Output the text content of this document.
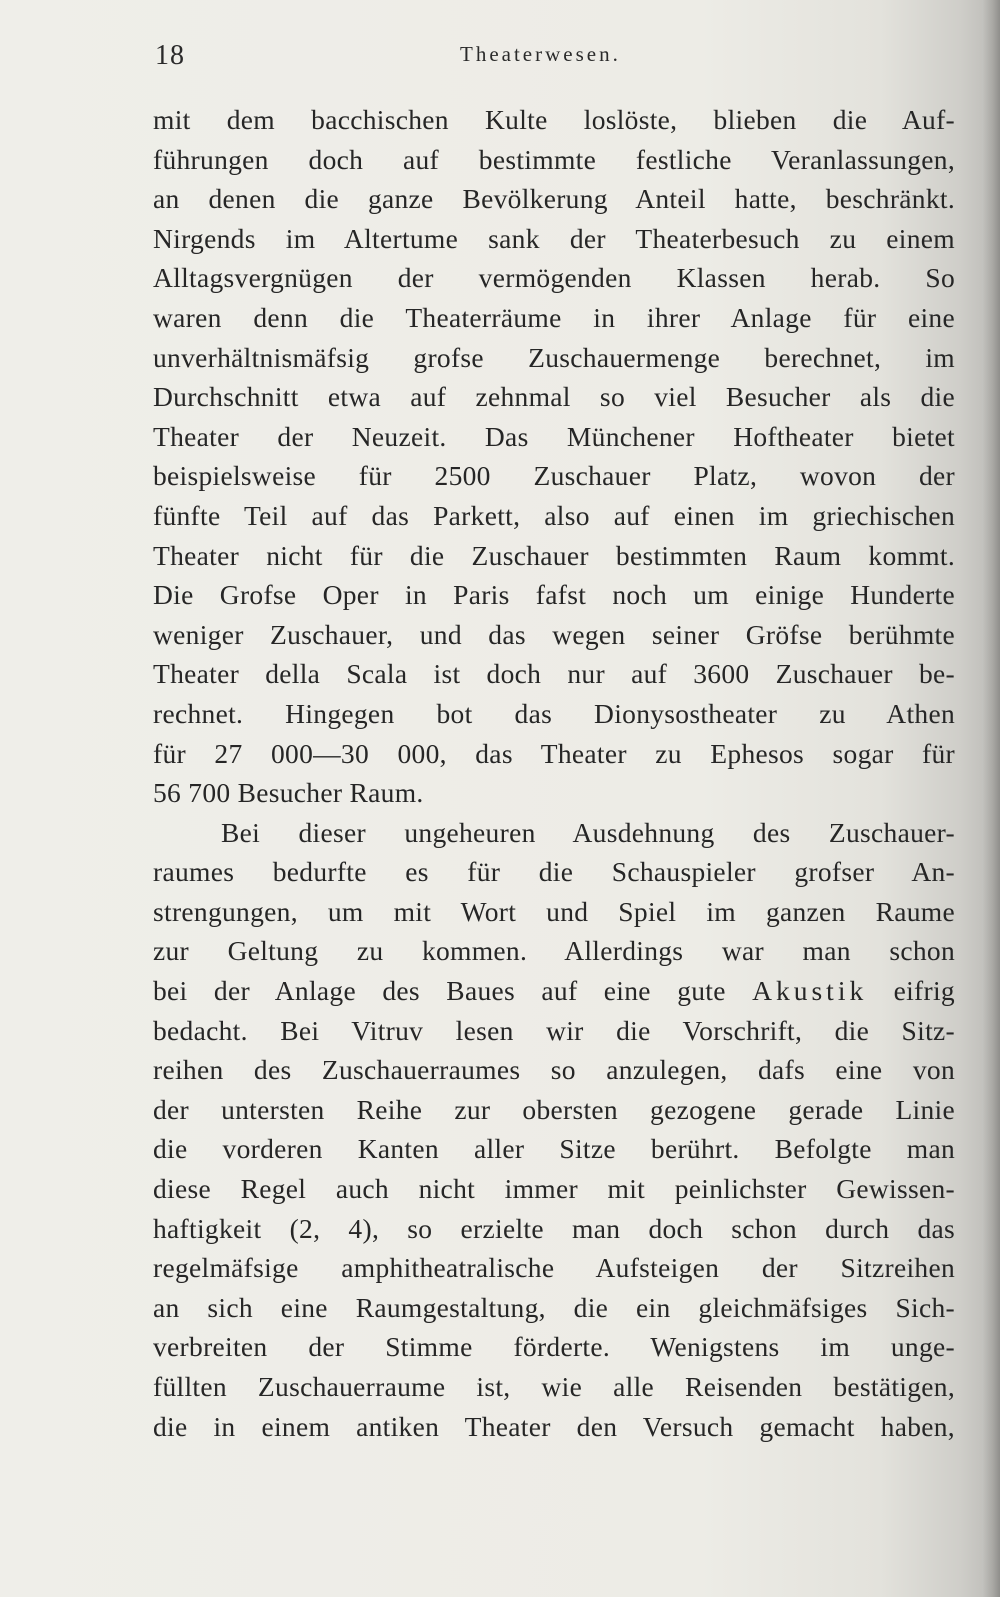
18	Theaterwesen.
mit dem bacchischen Kulte loslöste, blieben die Auf-
führungen doch auf bestimmte festliche Veranlassungen,
an denen die ganze Bevölkerung Anteil hatte, beschränkt.
Nirgends im Altertume sank der Theaterbesuch zu einem
Alltagsvergnügen der vermögenden Klassen herab. So
waren denn die Theaterräume in ihrer Anlage für eine
unverhältnismäfsig grofse Zuschauermenge berechnet, im
Durchschnitt etwa auf zehnmal so viel Besucher als die
Theater der Neuzeit. Das Münchener Hoftheater bietet
beispielsweise für 2500 Zuschauer Platz, wovon der
fünfte Teil auf das Parkett, also auf einen im griechischen
Theater nicht für die Zuschauer bestimmten Raum kommt.
Die Grofse Oper in Paris fafst noch um einige Hunderte
weniger Zuschauer, und das wegen seiner Gröfse berühmte
Theater della Scala ist doch nur auf 3600 Zuschauer be-
rechnet. Hingegen bot das Dionysostheater zu Athen
für 27 000—30 000, das Theater zu Ephesos sogar für
56 700 Besucher Raum.
Bei dieser ungeheuren Ausdehnung des Zuschauer-
raumes bedurfte es für die Schauspieler grofser An-
strengungen, um mit Wort und Spiel im ganzen Raume
zur Geltung zu kommen. Allerdings war man schon
bei der Anlage des Baues auf eine gute Akustik eifrig
bedacht. Bei Vitruv lesen wir die Vorschrift, die Sitz-
reihen des Zuschauerraumes so anzulegen, dafs eine von
der untersten Reihe zur obersten gezogene gerade Linie
die vorderen Kanten aller Sitze berührt. Befolgte man
diese Regel auch nicht immer mit peinlichster Gewissen-
haftigkeit (2, 4), so erzielte man doch schon durch das
regelmäfsige amphitheatralische Aufsteigen der Sitzreihen
an sich eine Raumgestaltung, die ein gleichmäfsiges Sich-
verbreiten der Stimme förderte. Wenigstens im unge-
füllten Zuschauerraume ist, wie alle Reisenden bestätigen,
die in einem antiken Theater den Versuch gemacht haben,
